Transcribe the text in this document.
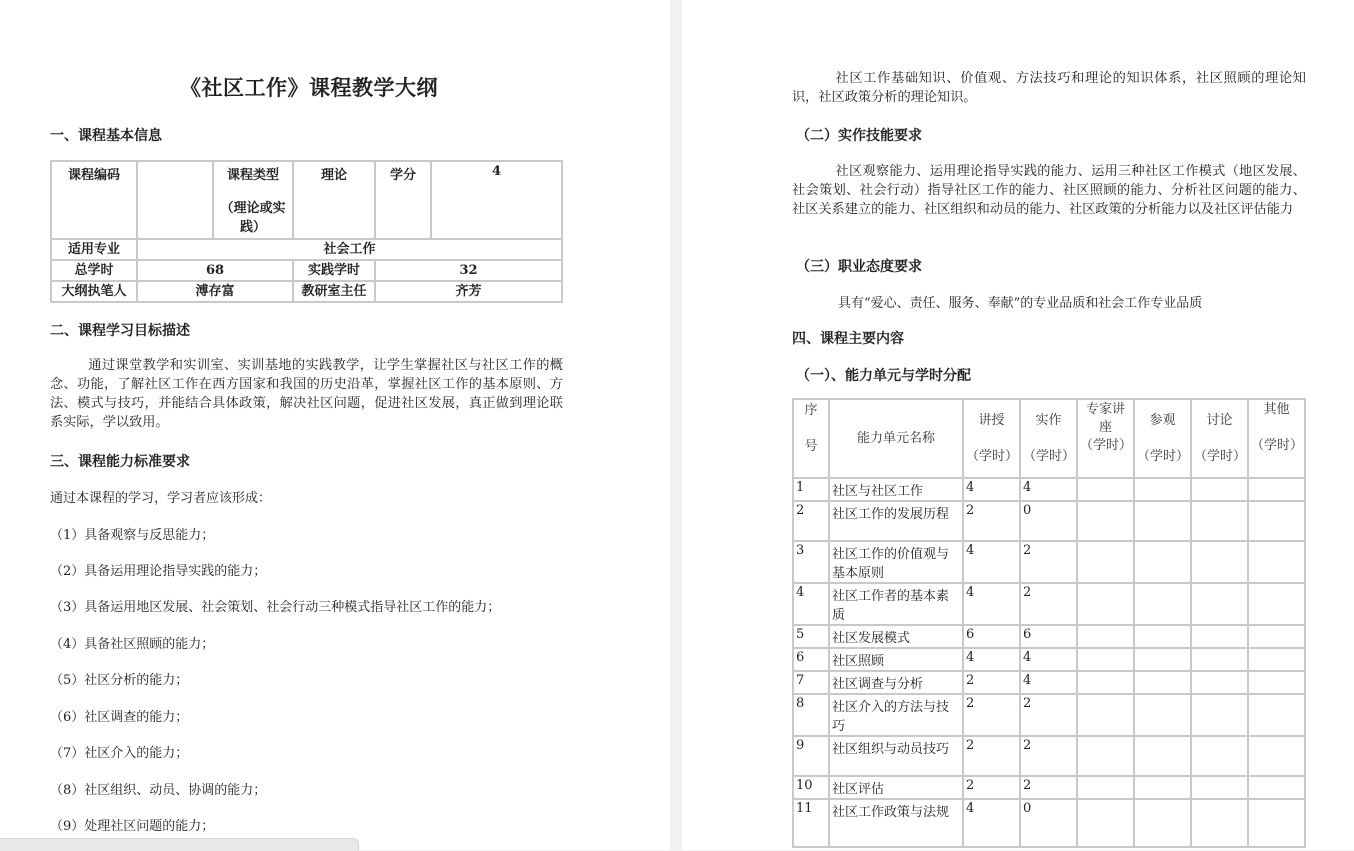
《社区工作》课程教学大纲
一、课程基本信息
课程编码		课程类型
（理论或实践）	理论	学分	4
适用专业	社会工作				
总学时	68		实践学时	32	
大纲执笔人	溥存富		教研室主任	齐芳	
二、课程学习目标描述
通过课堂教学和实训室、实训基地的实践教学，让学生掌握社区与社区工作的概念、功能，了解社区工作在西方国家和我国的历史沿革，掌握社区工作的基本原则、方法、模式与技巧，并能结合具体政策，解决社区问题，促进社区发展，真正做到理论联系实际，学以致用。
三、课程能力标准要求
通过本课程的学习，学习者应该形成：
（1）具备观察与反思能力；
（2）具备运用理论指导实践的能力；
（3）具备运用地区发展、社会策划、社会行动三种模式指导社区工作的能力；
（4）具备社区照顾的能力；
（5）社区分析的能力；
（6）社区调查的能力；
（7）社区介入的能力；
（8）社区组织、动员、协调的能力；
（9）处理社区问题的能力；
社区工作基础知识、价值观、方法技巧和理论的知识体系，社区照顾的理论知识，社区政策分析的理论知识。
（二）实作技能要求
社区观察能力、运用理论指导实践的能力、运用三种社区工作模式（地区发展、社会策划、社会行动）指导社区工作的能力、社区照顾的能力、分析社区问题的能力、社区关系建立的能力、社区组织和动员的能力、社区政策的分析能力以及社区评估能力
（三）职业态度要求
具有“爱心、责任、服务、奉献”的专业品质和社会工作专业品质
四、课程主要内容
（一）、能力单元与学时分配
序

号	能力单元名称	讲授

（学时）	实作

（学时）	专家讲座
（学时）	参观

（学时）	讨论

（学时）	其他

（学时）
1	社区与社区工作	4	4				
2	社区工作的发展历程	2	0				
3	社区工作的价值观与基本原则	4	2				
4	社区工作者的基本素质	4	2				
5	社区发展模式	6	6				
6	社区照顾	4	4				
7	社区调查与分析	2	4				
8	社区介入的方法与技巧	2	2				
9	社区组织与动员技巧	2	2				
10	社区评估	2	2				
11	社区工作政策与法规	4	0				
